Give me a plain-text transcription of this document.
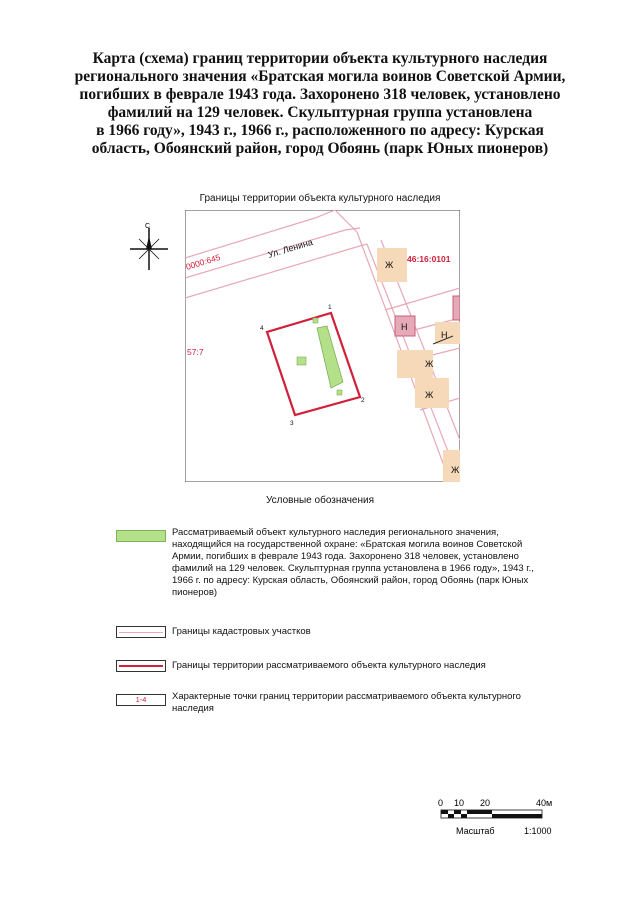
Карта (схема) границ территории объекта культурного наследия
регионального значения «Братская могила воинов Советской Армии,
погибших в феврале 1943 года. Захоронено 318 человек, установлено
фамилий на 129 человек. Скульптурная группа установлена
в 1966 году», 1943 г., 1966 г., расположенного по адресу: Курская
область, Обоянский район, город Обоянь (парк Юных пионеров)
Границы территории объекта культурного наследия
С
Ул. Ленина
0000:645
57:7
46:16:0101
Ж
Н
Н
Ж
Ж
Ж
1
2
3
4
Условные обозначения
Рассматриваемый объект культурного наследия регионального значения, находящийся на государственной охране: «Братская могила воинов Советской Армии, погибших в феврале 1943 года. Захоронено 318 человек, установлено фамилий на 129 человек. Скульптурная группа установлена в 1966 году», 1943 г., 1966 г. по адресу: Курская область, Обоянский район, город Обоянь (парк Юных пионеров)
Границы кадастровых участков
Границы территории рассматриваемого объекта культурного наследия
1-4	Характерные точки границ территории рассматриваемого объекта культурного наследия
0 10 20	40м
Масштаб	1:1000
